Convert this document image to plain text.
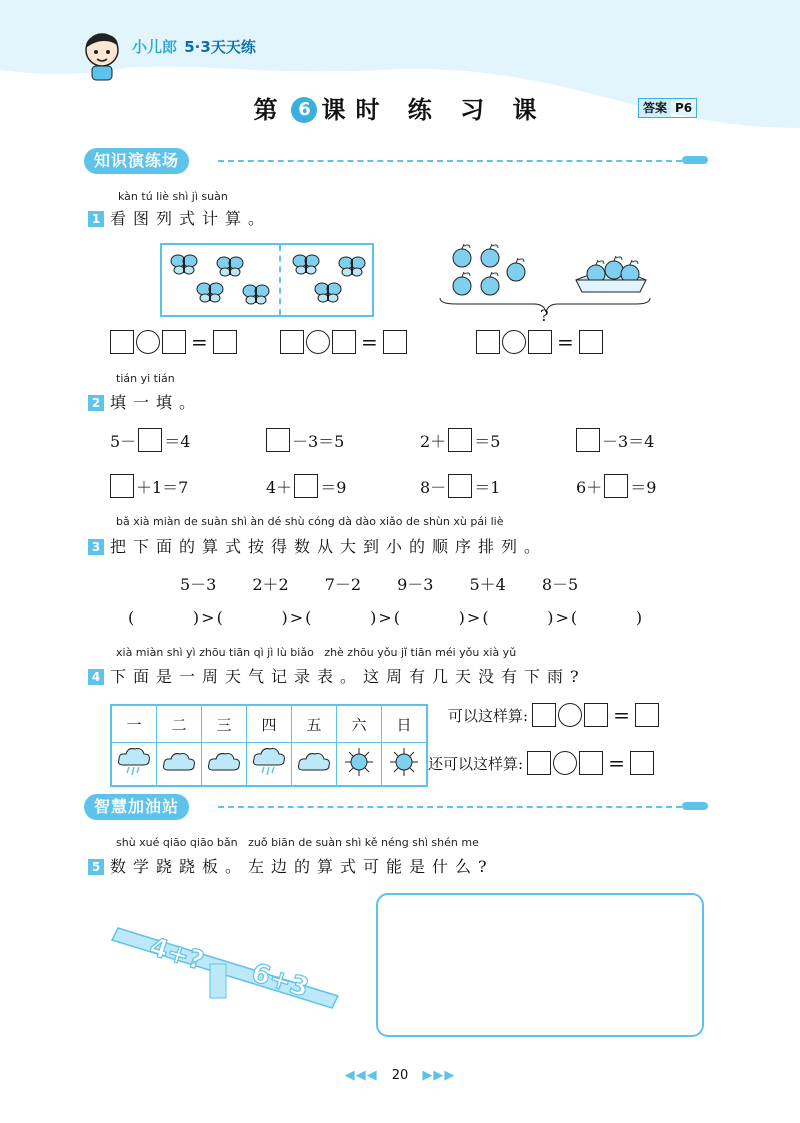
小儿郎 5·3天天练
第 6 课时 练 习 课	答案 P6
知识演练场
kàn tú liè shì jì suàn
1 看图列式计算。
?
=	=	=
tián yi tián
2 填一填。
5－ ＝4	－3＝5	2＋ ＝5	－3＝4
＋1＝7	4＋ ＝9	8－ ＝1	6＋ ＝9
bǎ xià miàn de suàn shì àn dé shù cóng dà dào xiǎo de shùn xù pái liè
3 把下面的算式按得数从大到小的顺序排列。
5－3 2＋2 7－2 9－3 5＋4 8－5
(        )>(        )>(        )>(        )>(        )>(        )
xià miàn shì yì zhōu tiān qì jì lù biǎo   zhè zhōu yǒu jǐ tiān méi yǒu xià yǔ
4 下面是一周天气记录表。这周有几天没有下雨?
一	二	三	四	五	六	日
						可以这样算:	=
还可以这样算:	=
智慧加油站
shù xué qiāo qiāo bǎn   zuǒ biān de suàn shì kě néng shì shén me
5 数学跷跷板。左边的算式可能是什么?
4+?
6+3
◀◀◀ 20 ▶▶▶
